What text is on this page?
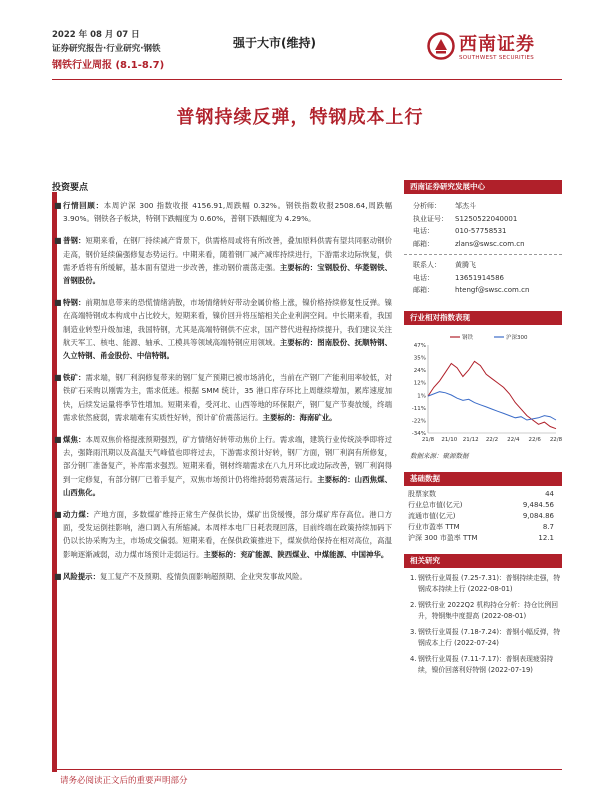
2022 年 08 月 07 日
证券研究报告·行业研究·钢铁
钢铁行业周报 (8.1-8.7)
强于大市(维持)	西南证券
SOUTHWEST SECURITIES
普钢持续反弹，特钢成本上行
投资要点
■ 行情回顾：本周沪深 300 指数收报 4156.91,周跌幅 0.32%。钢铁指数收报2508.64,周跌幅 3.90%。钢铁各子板块，特钢下跌幅度为 0.60%，普钢下跌幅度为 4.29%。
■ 普钢：短期来看，在钢厂持续减产背景下，供需格局或将有所改善，叠加原料供需有望共同驱动钢价走高，钢价延续偏强修复态势运行。中期来看，随着钢厂减产减库持续进行，下游需求边际恢复，供需矛盾将有所缓解，基本面有望进一步改善，推动钢价震荡走强。主要标的：宝钢股份、华菱钢铁、首钢股份。
■ 特钢：前期加息带来的恐慌情绪消散，市场情绪转好带动金属价格上涨，镍价格持续修复性反弹。镍在高端特钢成本构成中占比较大，短期来看，镍价回升将压缩相关企业利润空间。中长期来看，我国制造业转型升级加速，我国特钢，尤其是高端特钢供不应求，国产替代进程持续提升，我们建议关注航天军工、核电、能源、轴承、工模具等领域高端特钢应用领域。主要标的：图南股份、抚顺特钢、久立特钢、甬金股份、中信特钢。
■ 铁矿：需求端，钢厂利润修复带来的钢厂复产预期已被市场消化，当前在产钢厂产能利用率较低，对铁矿石采购以刚需为主，需求低迷。根据 SMM 统计，35 港口库存环比上周继续增加，累库速度加快，后续发运量将季节性增加。短期来看，受河北、山西等地的环保限产，钢厂复产节奏放缓，终端需求依然疲弱，需求端难有实质性好转，预计矿价震荡运行。主要标的：海南矿业。
■ 煤焦：本周双焦价格提涨预期强烈，矿方情绪好转带动焦价上行。需求端，建筑行业传统淡季即将过去，强降雨汛期以及高温天气峰值也即将过去，下游需求预计好转，钢厂方面，钢厂利润有所修复，部分钢厂准备复产，补库需求强烈。短期来看，钢材终端需求在八九月环比或边际改善，钢厂利润得到一定修复，有部分钢厂已着手复产，双焦市场预计仍将维持弱势震荡运行。主要标的：山西焦煤、山西焦化。
■ 动力煤：产地方面，多数煤矿维持正常生产保供长协，煤矿出货缓慢，部分煤矿库存高位。港口方面，受发运倒挂影响，港口调入有所缩减。本周样本电厂日耗表现回落，目前终端在政策持续加码下仍以长协采购为主，市场成交偏弱。短期来看，在保供政策推进下，煤炭供给保持在相对高位，高温影响逐渐减弱，动力煤市场预计走弱运行。主要标的：兖矿能源、陕西煤业、中煤能源、中国神华。
■ 风险提示：复工复产不及预期、疫情负面影响超预期、企业突发事故风险。
西南证券研究发展中心
分析师： 邹杰斗
执业证号： S1250522040001
电话：	010-57758531
邮箱：	zlans@swsc.com.cn
联系人： 黄腾飞
电话：	13651914586
邮箱：	htengf@swsc.com.cn
行业相对指数表现
47%
35%
24%
12%
1%
-11%
-22%
-34%
21/8 21/10 21/12 22/2 22/4 22/6 22/8
钢铁	沪深300
数据来源：聚源数据
基础数据
股票家数	44
行业总市值(亿元)	9,484.56
流通市值(亿元)	9,084.86
行业市盈率 TTM	8.7
沪深 300 市盈率 TTM	12.1
相关研究
1. 钢铁行业周报 (7.25-7.31)：普钢持续走强，特钢成本持续上行 (2022-08-01)
2. 钢铁行业 2022Q2 机构持仓分析：持仓比例回升，特钢集中度提高 (2022-08-01)
3. 钢铁行业周报 (7.18-7.24)：普钢小幅反弹，特钢成本上行 (2022-07-24)
4. 钢铁行业周报 (7.11-7.17)：普钢表现疲弱持续，镍价回落利好特钢 (2022-07-19)
请务必阅读正文后的重要声明部分
